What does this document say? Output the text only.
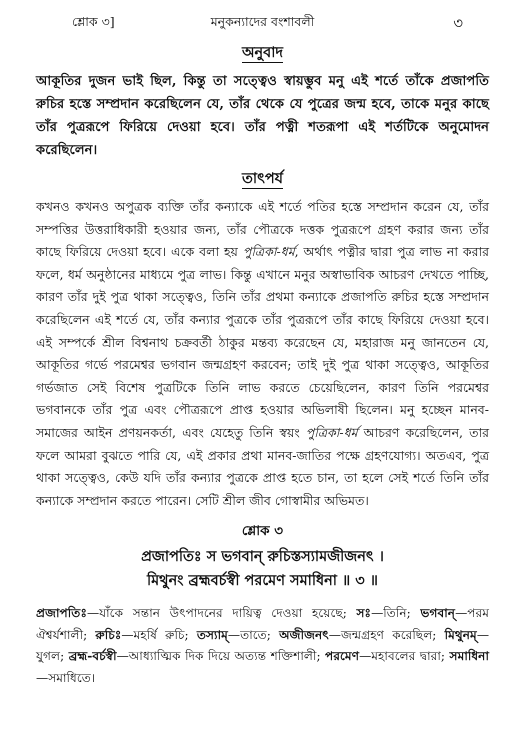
শ্লোক ৩]	মনুকন্যাদের বংশাবলী	৩
অনুবাদ

আকূতির দুজন ভাই ছিল, কিন্তু তা সত্ত্বেও স্বায়ম্ভুব মনু এই শর্তে তাঁকে প্রজাপতি রুচির হস্তে সম্প্রদান করেছিলেন যে, তাঁর থেকে যে পুত্রের জন্ম হবে, তাকে মনুর কাছে তাঁর পুত্ররূপে ফিরিয়ে দেওয়া হবে। তাঁর পত্নী শতরূপা এই শর্তটিকে অনুমোদন করেছিলেন।

তাৎপর্য

কখনও কখনও অপুত্রক ব্যক্তি তাঁর কন্যাকে এই শর্তে পতির হস্তে সম্প্রদান করেন যে, তাঁর সম্পত্তির উত্তরাধিকারী হওয়ার জন্য, তাঁর পৌত্রকে দত্তক পুত্ররূপে গ্রহণ করার জন্য তাঁর কাছে ফিরিয়ে দেওয়া হবে। একে বলা হয় পুত্রিকা-ধর্ম, অর্থাৎ পত্নীর দ্বারা পুত্র লাভ না করার ফলে, ধর্ম অনুষ্ঠানের মাধ্যমে পুত্র লাভ। কিন্তু এখানে মনুর অস্বাভাবিক আচরণ দেখতে পাচ্ছি, কারণ তাঁর দুই পুত্র থাকা সত্ত্বেও, তিনি তাঁর প্রথমা কন্যাকে প্রজাপতি রুচির হস্তে সম্প্রদান করেছিলেন এই শর্তে যে, তাঁর কন্যার পুত্রকে তাঁর পুত্ররূপে তাঁর কাছে ফিরিয়ে দেওয়া হবে। এই সম্পর্কে শ্রীল বিশ্বনাথ চক্রবর্তী ঠাকুর মন্তব্য করেছেন যে, মহারাজ মনু জানতেন যে, আকূতির গর্ভে পরমেশ্বর ভগবান জন্মগ্রহণ করবেন; তাই দুই পুত্র থাকা সত্ত্বেও, আকূতির গর্ভজাত সেই বিশেষ পুত্রটিকে তিনি লাভ করতে চেয়েছিলেন, কারণ তিনি পরমেশ্বর ভগবানকে তাঁর পুত্র এবং পৌত্ররূপে প্রাপ্ত হওয়ার অভিলাষী ছিলেন। মনু হচ্ছেন মানব-সমাজের আইন প্রণয়নকর্তা, এবং যেহেতু তিনি স্বয়ং পুত্রিকা-ধর্ম আচরণ করেছিলেন, তার ফলে আমরা বুঝতে পারি যে, এই প্রকার প্রথা মানব-জাতির পক্ষে গ্রহণযোগ্য। অতএব, পুত্র থাকা সত্ত্বেও, কেউ যদি তাঁর কন্যার পুত্রকে প্রাপ্ত হতে চান, তা হলে সেই শর্তে তিনি তাঁর কন্যাকে সম্প্রদান করতে পারেন। সেটি শ্রীল জীব গোস্বামীর অভিমত।

শ্লোক ৩

প্রজাপতিঃ স ভগবান্ রুচিস্তস্যামজীজনৎ ।

মিথুনং ব্রহ্মবর্চস্বী পরমেণ সমাধিনা ॥ ৩ ॥

প্রজাপতিঃ—যাঁকে সন্তান উৎপাদনের দায়িত্ব দেওয়া হয়েছে; সঃ—তিনি; ভগবান্—পরম ঐশ্বর্যশালী; রুচিঃ—মহর্ষি রুচি; তস্যাম্—তাতে; অজীজনৎ—জন্মগ্রহণ করেছিল; মিথুনম্—যুগল; ব্রহ্ম-বর্চস্বী—আধ্যাত্মিক দিক দিয়ে অত্যন্ত শক্তিশালী; পরমেণ—মহাবলের দ্বারা; সমাধিনা—সমাধিতে।
